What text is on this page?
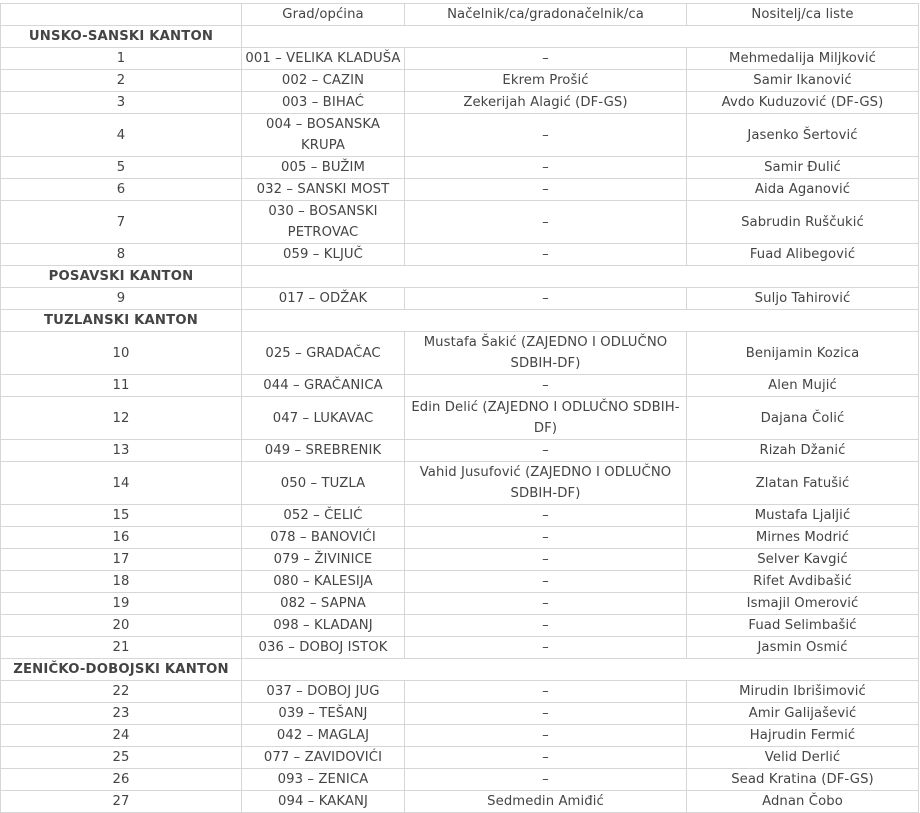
	Grad/općina	Načelnik/ca/gradonačelnik/ca	Nositelj/ca liste
UNSKO-SANSKI KANTON			
1	001 – VELIKA KLADUŠA	–	Mehmedalija Miljković
2	002 – CAZIN	Ekrem Prošić	Samir Ikanović
3	003 – BIHAĆ	Zekerijah Alagić (DF-GS)	Avdo Kuduzović (DF-GS)
4	004 – BOSANSKA KRUPA	–	Jasenko Šertović
5	005 – BUŽIM	–	Samir Đulić
6	032 – SANSKI MOST	–	Aida Aganović
7	030 – BOSANSKI PETROVAC	–	Sabrudin Ruščukić
8	059 – KLJUČ	–	Fuad Alibegović
POSAVSKI KANTON			
9	017 – ODŽAK	–	Suljo Tahirović
TUZLANSKI KANTON			
10	025 – GRADAČAC	Mustafa Šakić (ZAJEDNO I ODLUČNO SDBIH-DF)	Benijamin Kozica
11	044 – GRAČANICA	–	Alen Mujić
12	047 – LUKAVAC	Edin Delić (ZAJEDNO I ODLUČNO SDBIH-DF)	Dajana Čolić
13	049 – SREBRENIK	–	Rizah Džanić
14	050 – TUZLA	Vahid Jusufović (ZAJEDNO I ODLUČNO SDBIH-DF)	Zlatan Fatušić
15	052 – ČELIĆ	–	Mustafa Ljaljić
16	078 – BANOVIĆI	–	Mirnes Modrić
17	079 – ŽIVINICE	–	Selver Kavgić
18	080 – KALESIJA	–	Rifet Avdibašić
19	082 – SAPNA	–	Ismajil Omerović
20	098 – KLADANJ	–	Fuad Selimbašić
21	036 – DOBOJ ISTOK	–	Jasmin Osmić
ZENIČKO-DOBOJSKI KANTON			
22	037 – DOBOJ JUG	–	Mirudin Ibrišimović
23	039 – TEŠANJ	–	Amir Galijašević
24	042 – MAGLAJ	–	Hajrudin Fermić
25	077 – ZAVIDOVIĆI	–	Velid Derlić
26	093 – ZENICA	–	Sead Kratina (DF-GS)
27	094 – KAKANJ	Sedmedin Amiđić	Adnan Čobo
